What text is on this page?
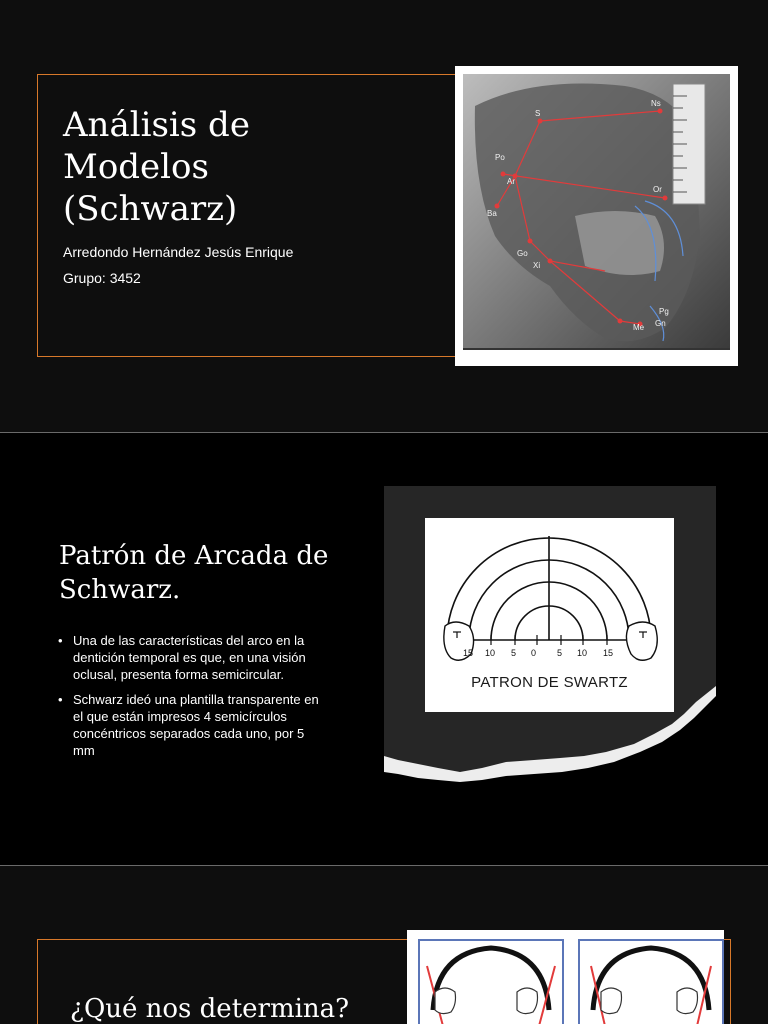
Análisis de Modelos (Schwarz)
Arredondo Hernández Jesús Enrique
Grupo: 3452
Po
Or
Ba
Ar
Go
Xi
Me Gn
Pg
S
Ns
Patrón de Arcada de Schwarz.
• Una de las características del arco en la dentición temporal es que, en una visión oclusal, presenta forma semicircular.
• Schwarz ideó una plantilla transparente en el que están impresos 4 semicírculos concéntricos separados cada uno, por 5 mm
15 10 5 0 5 10 15
PATRON DE SWARTZ
¿Qué nos determina?
